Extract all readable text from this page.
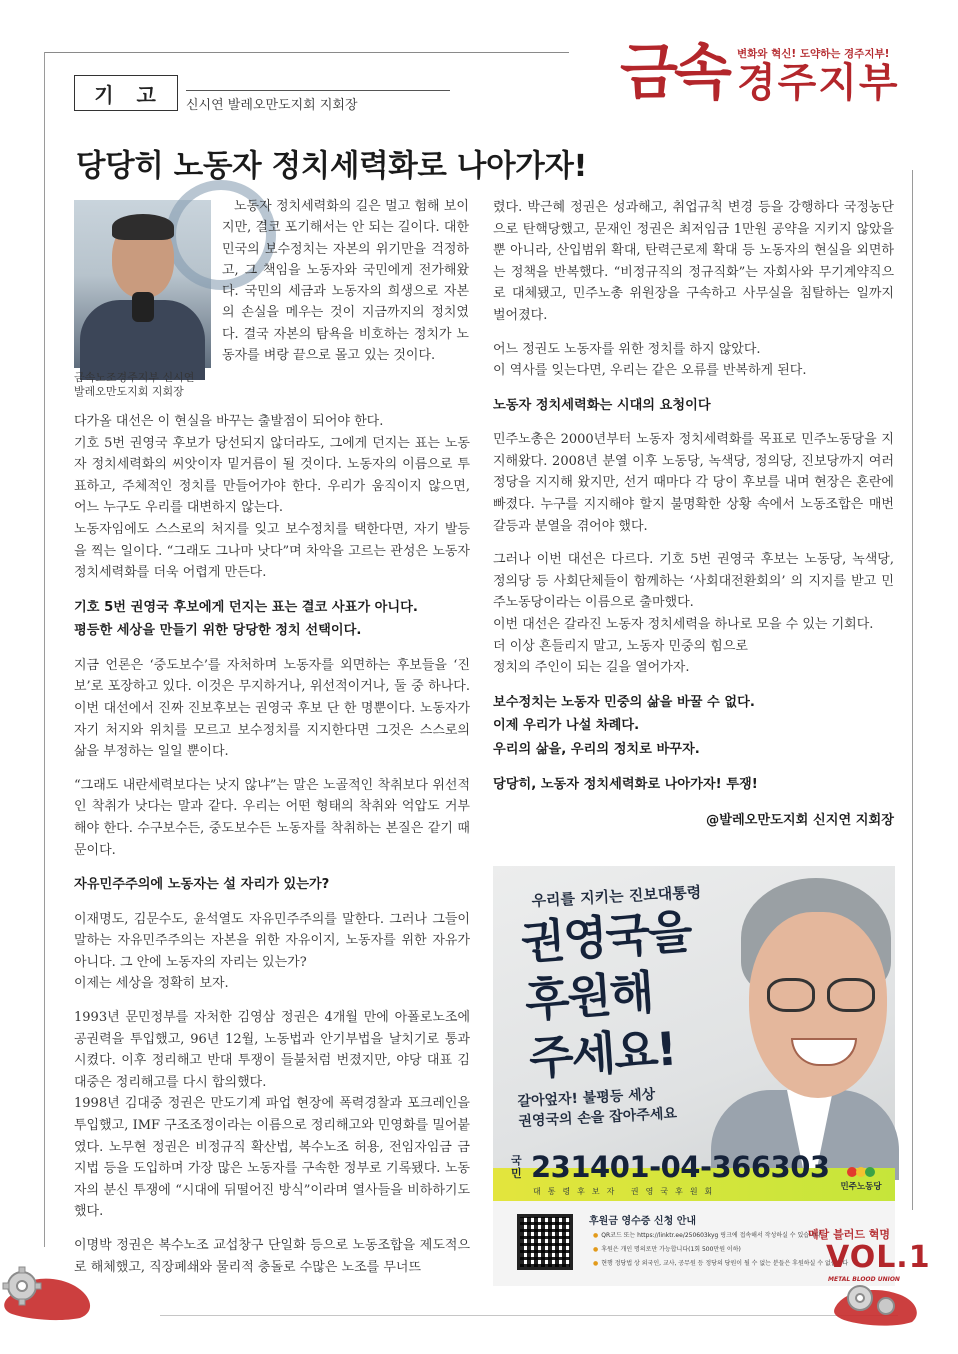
금속 변화와 혁신! 도약하는 경주지부!
경주지부
기 고	신시연 발레오만도지회 지회장
당당히 노동자 정치세력화로 나아가자!
금속노조경주지부 신시연
발레오만도지회 지회장

노동자 정치세력화의 길은 멀고 험해 보이지만, 결코 포기해서는 안 되는 길이다. 대한민국의 보수정치는 자본의 위기만을 걱정하고, 그 책임을 노동자와 국민에게 전가해왔다. 국민의 세금과 노동자의 희생으로 자본의 손실을 메우는 것이 지금까지의 정치였다. 결국 자본의 탐욕을 비호하는 정치가 노동자를 벼랑 끝으로 몰고 있는 것이다.

다가올 대선은 이 현실을 바꾸는 출발점이 되어야 한다.

기호 5번 권영국 후보가 당선되지 않더라도, 그에게 던지는 표는 노동자 정치세력화의 씨앗이자 밑거름이 될 것이다. 노동자의 이름으로 투표하고, 주체적인 정치를 만들어가야 한다. 우리가 움직이지 않으면, 어느 누구도 우리를 대변하지 않는다.

노동자임에도 스스로의 처지를 잊고 보수정치를 택한다면, 자기 발등을 찍는 일이다. “그래도 그나마 낫다”며 차악을 고르는 관성은 노동자 정치세력화를 더욱 어렵게 만든다.

기호 5번 권영국 후보에게 던지는 표는 결코 사표가 아니다.
평등한 세상을 만들기 위한 당당한 정치 선택이다.

지금 언론은 ‘중도보수’를 자처하며 노동자를 외면하는 후보들을 ‘진보’로 포장하고 있다. 이것은 무지하거나, 위선적이거나, 둘 중 하나다. 이번 대선에서 진짜 진보후보는 권영국 후보 단 한 명뿐이다. 노동자가 자기 처지와 위치를 모르고 보수정치를 지지한다면 그것은 스스로의 삶을 부정하는 일일 뿐이다.

“그래도 내란세력보다는 낫지 않냐”는 말은 노골적인 착취보다 위선적인 착취가 낫다는 말과 같다. 우리는 어떤 형태의 착취와 억압도 거부해야 한다. 수구보수든, 중도보수든 노동자를 착취하는 본질은 같기 때문이다.

자유민주주의에 노동자는 설 자리가 있는가?

이재명도, 김문수도, 윤석열도 자유민주주의를 말한다. 그러나 그들이 말하는 자유민주주의는 자본을 위한 자유이지, 노동자를 위한 자유가 아니다. 그 안에 노동자의 자리는 있는가?

이제는 세상을 정확히 보자.

1993년 문민정부를 자처한 김영삼 정권은 4개월 만에 아폴로노조에 공권력을 투입했고, 96년 12월, 노동법과 안기부법을 날치기로 통과시켰다. 이후 정리해고 반대 투쟁이 들불처럼 번졌지만, 야당 대표 김대중은 정리해고를 다시 합의했다.

1998년 김대중 정권은 만도기계 파업 현장에 폭력경찰과 포크레인을 투입했고, IMF 구조조정이라는 이름으로 정리해고와 민영화를 밀어붙였다. 노무현 정권은 비정규직 확산법, 복수노조 허용, 전임자임금 금지법 등을 도입하며 가장 많은 노동자를 구속한 정부로 기록됐다. 노동자의 분신 투쟁에 “시대에 뒤떨어진 방식”이라며 열사들을 비하하기도 했다.

이명박 정권은 복수노조 교섭창구 단일화 등으로 노동조합을 제도적으로 해체했고, 직장폐쇄와 물리적 충돌로 수많은 노조를 무너뜨

렸다. 박근혜 정권은 성과해고, 취업규칙 변경 등을 강행하다 국정농단으로 탄핵당했고, 문재인 정권은 최저임금 1만원 공약을 지키지 않았을 뿐 아니라, 산입범위 확대, 탄력근로제 확대 등 노동자의 현실을 외면하는 정책을 반복했다. “비정규직의 정규직화”는 자회사와 무기계약직으로 대체됐고, 민주노총 위원장을 구속하고 사무실을 침탈하는 일까지 벌어졌다.

어느 정권도 노동자를 위한 정치를 하지 않았다.

이 역사를 잊는다면, 우리는 같은 오류를 반복하게 된다.

노동자 정치세력화는 시대의 요청이다

민주노총은 2000년부터 노동자 정치세력화를 목표로 민주노동당을 지지해왔다. 2008년 분열 이후 노동당, 녹색당, 정의당, 진보당까지 여러 정당을 지지해 왔지만, 선거 때마다 각 당이 후보를 내며 현장은 혼란에 빠졌다. 누구를 지지해야 할지 불명확한 상황 속에서 노동조합은 매번 갈등과 분열을 겪어야 했다.

그러나 이번 대선은 다르다. 기호 5번 권영국 후보는 노동당, 녹색당, 정의당 등 사회단체들이 함께하는 ‘사회대전환회의’ 의 지지를 받고 민주노동당이라는 이름으로 출마했다.

이번 대선은 갈라진 노동자 정치세력을 하나로 모을 수 있는 기회다.

더 이상 흔들리지 말고, 노동자 민중의 힘으로

정치의 주인이 되는 길을 열어가자.

보수정치는 노동자 민중의 삶을 바꿀 수 없다.
이제 우리가 나설 차례다.
우리의 삶을, 우리의 정치로 바꾸자.
당당히, 노동자 정치세력화로 나아가자! 투쟁!
@발레오만도지회 신지연 지회장
우리를 지키는 진보대통령
권영국을
후원해
주세요!
갈아엎자! 불평등 세상
권영국의 손을 잡아주세요
국민 231401-04-366303
대통령후보자 권영국후원회	민주노동당
후원금 영수증 신청 안내
● QR코드 또는 https://linktr.ee/250603kyg 링크에 접속해서 작성하실 수 있습니다
● 후원은 개인 명의로만 가능합니다(1회 500만원 이하)
● 현행 정당법 상 외국인, 교사, 공무원 등 정당의 당원이 될 수 없는 분들은 후원하실 수 없습니다
메탈 블러드 혁명
VOL.1
METAL BLOOD UNION
